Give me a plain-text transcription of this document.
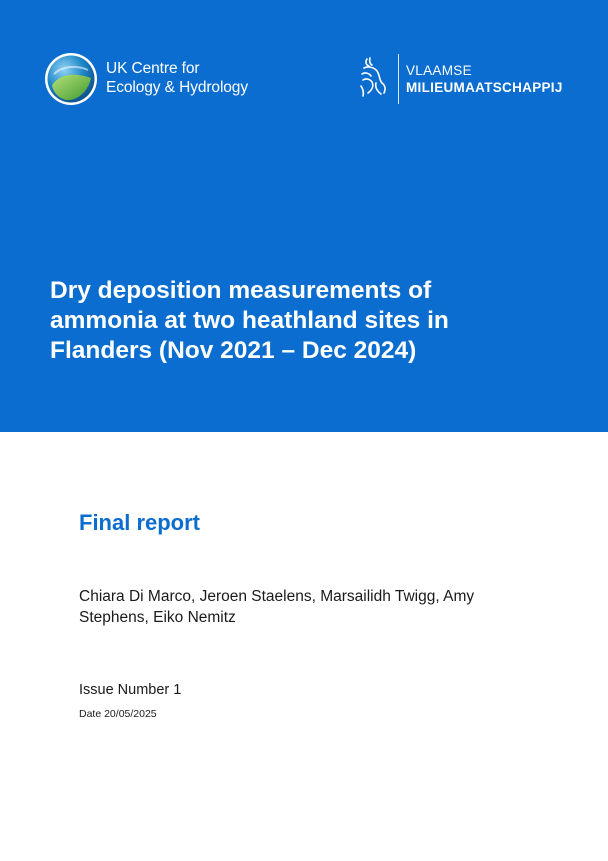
UK Centre for
Ecology & Hydrology
VLAAMSE
MILIEUMAATSCHAPPIJ
Dry deposition measurements of ammonia at two heathland sites in Flanders (Nov 2021 – Dec 2024)
Final report
Chiara Di Marco, Jeroen Staelens, Marsailidh Twigg, Amy Stephens, Eiko Nemitz
Issue Number 1
Date 20/05/2025
